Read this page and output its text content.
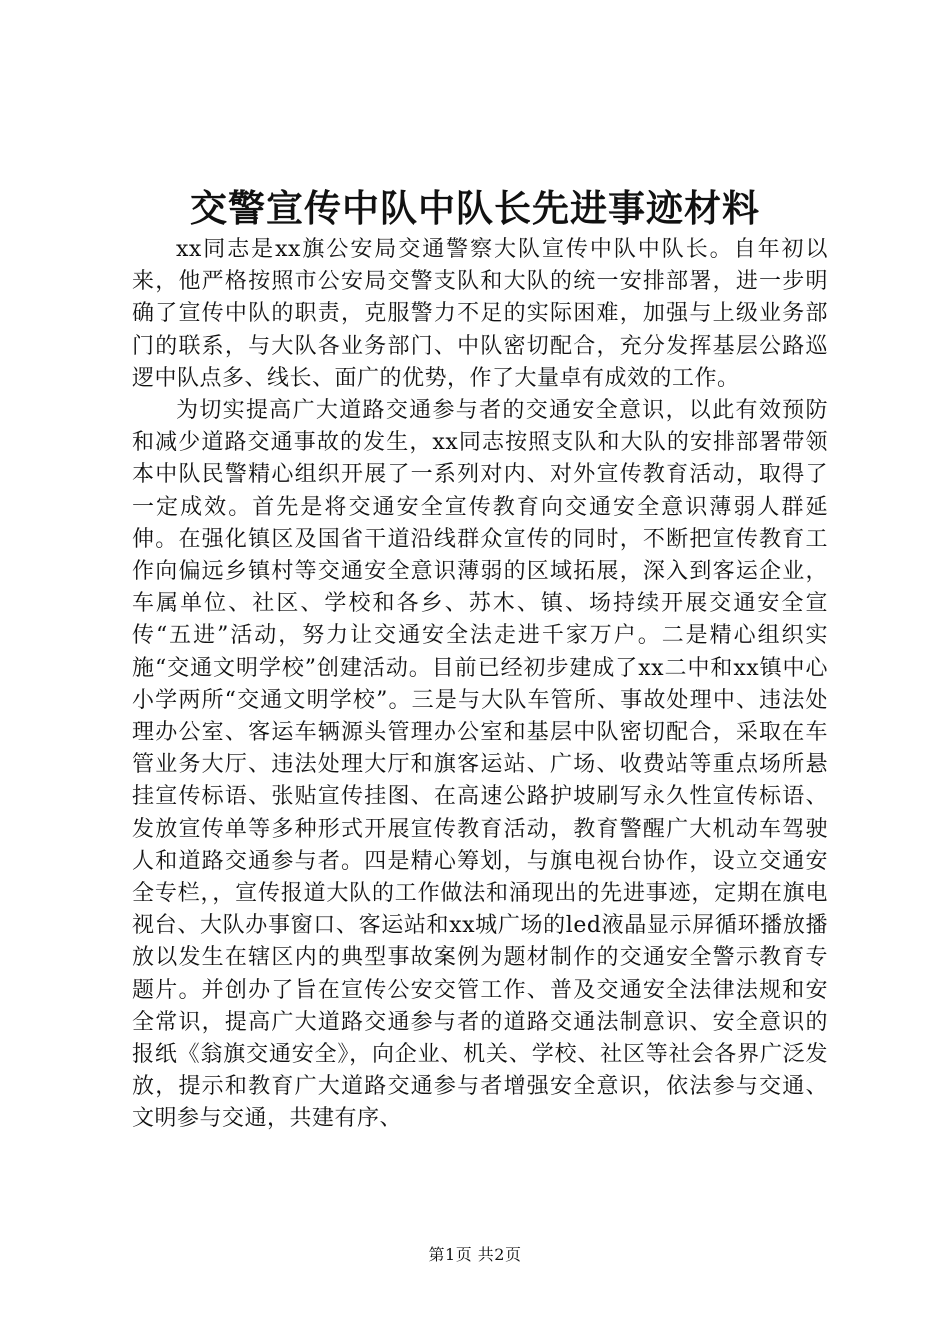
交警宣传中队中队长先进事迹材料

xx同志是xx旗公安局交通警察大队宣传中队中队长。自年初以来，他严格按照市公安局交警支队和大队的统一安排部署，进一步明确了宣传中队的职责，克服警力不足的实际困难，加强与上级业务部门的联系，与大队各业务部门、中队密切配合，充分发挥基层公路巡逻中队点多、线长、面广的优势，作了大量卓有成效的工作。

为切实提高广大道路交通参与者的交通安全意识，以此有效预防和减少道路交通事故的发生，xx同志按照支队和大队的安排部署带领本中队民警精心组织开展了一系列对内、对外宣传教育活动，取得了一定成效。首先是将交通安全宣传教育向交通安全意识薄弱人群延伸。在强化镇区及国省干道沿线群众宣传的同时，不断把宣传教育工作向偏远乡镇村等交通安全意识薄弱的区域拓展，深入到客运企业，车属单位、社区、学校和各乡、苏木、镇、场持续开展交通安全宣传“五进”活动，努力让交通安全法走进千家万户。二是精心组织实施“交通文明学校”创建活动。目前已经初步建成了xx二中和xx镇中心小学两所“交通文明学校”。三是与大队车管所、事故处理中、违法处理办公室、客运车辆源头管理办公室和基层中队密切配合，采取在车管业务大厅、违法处理大厅和旗客运站、广场、收费站等重点场所悬挂宣传标语、张贴宣传挂图、在高速公路护坡刷写永久性宣传标语、发放宣传单等多种形式开展宣传教育活动，教育警醒广大机动车驾驶人和道路交通参与者。四是精心筹划，与旗电视台协作，设立交通安全专栏，，宣传报道大队的工作做法和涌现出的先进事迹，定期在旗电视台、大队办事窗口、客运站和xx城广场的led液晶显示屏循环播放播放以发生在辖区内的典型事故案例为题材制作的交通安全警示教育专题片。并创办了旨在宣传公安交管工作、普及交通安全法律法规和安全常识，提高广大道路交通参与者的道路交通法制意识、安全意识的报纸《翁旗交通安全》，向企业、机关、学校、社区等社会各界广泛发放，提示和教育广大道路交通参与者增强安全意识，依法参与交通、文明参与交通，共建有序、

第1页 共2页
